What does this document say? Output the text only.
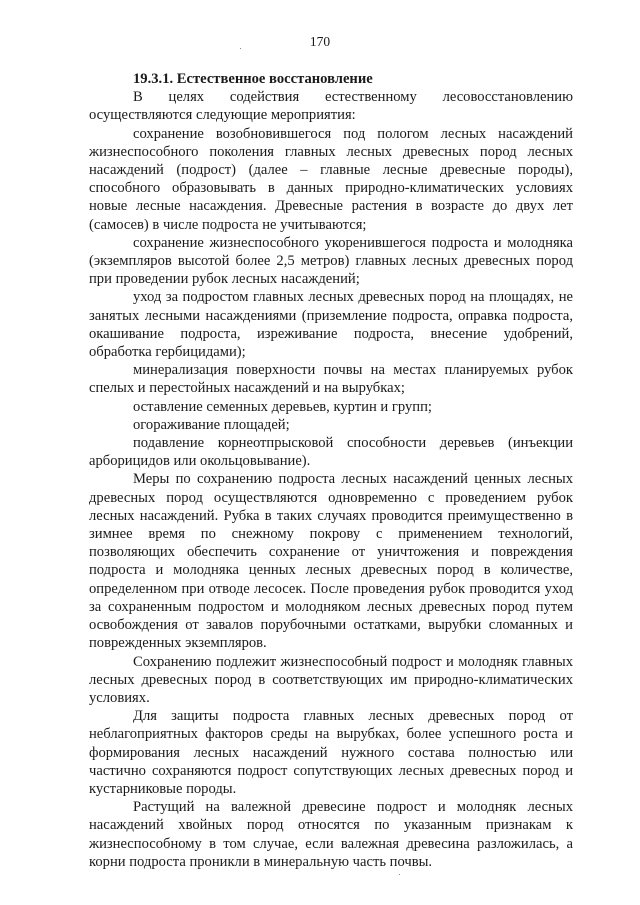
170

19.3.1. Естественное восстановление

В целях содействия естественному лесовосстановлению осуществляются следующие мероприятия:

сохранение возобновившегося под пологом лесных насаждений жизнеспособного поколения главных лесных древесных пород лесных насаждений (подрост) (далее – главные лесные древесные породы), способного образовывать в данных природно-климатических условиях новые лесные насаждения. Древесные растения в возрасте до двух лет (самосев) в числе подроста не учитываются;

сохранение жизнеспособного укоренившегося подроста и молодняка (экземпляров высотой более 2,5 метров) главных лесных древесных пород при проведении рубок лесных насаждений;

уход за подростом главных лесных древесных пород на площадях, не занятых лесными насаждениями (приземление подроста, оправка подроста, окашивание подроста, изреживание подроста, внесение удобрений, обработка гербицидами);

минерализация поверхности почвы на местах планируемых рубок спелых и перестойных насаждений и на вырубках;

оставление семенных деревьев, куртин и групп;

огораживание площадей;

подавление корнеотпрысковой способности деревьев (инъекции арборицидов или окольцовывание).

Меры по сохранению подроста лесных насаждений ценных лесных древесных пород осуществляются одновременно с проведением рубок лесных насаждений. Рубка в таких случаях проводится преимущественно в зимнее время по снежному покрову с применением технологий, позволяющих обеспечить сохранение от уничтожения и повреждения подроста и молодняка ценных лесных древесных пород в количестве, определенном при отводе лесосек. После проведения рубок проводится уход за сохраненным подростом и молодняком лесных древесных пород путем освобождения от завалов порубочными остатками, вырубки сломанных и поврежденных экземпляров.

Сохранению подлежит жизнеспособный подрост и молодняк главных лесных древесных пород в соответствующих им природно-климатических условиях.

Для защиты подроста главных лесных древесных пород от неблагоприятных факторов среды на вырубках, более успешного роста и формирования лесных насаждений нужного состава полностью или частично сохраняются подрост сопутствующих лесных древесных пород и кустарниковые породы.

Растущий на валежной древесине подрост и молодняк лесных насаждений хвойных пород относятся по указанным признакам к жизнеспособному в том случае, если валежная древесина разложилась, а корни подроста проникли в минеральную часть почвы.
